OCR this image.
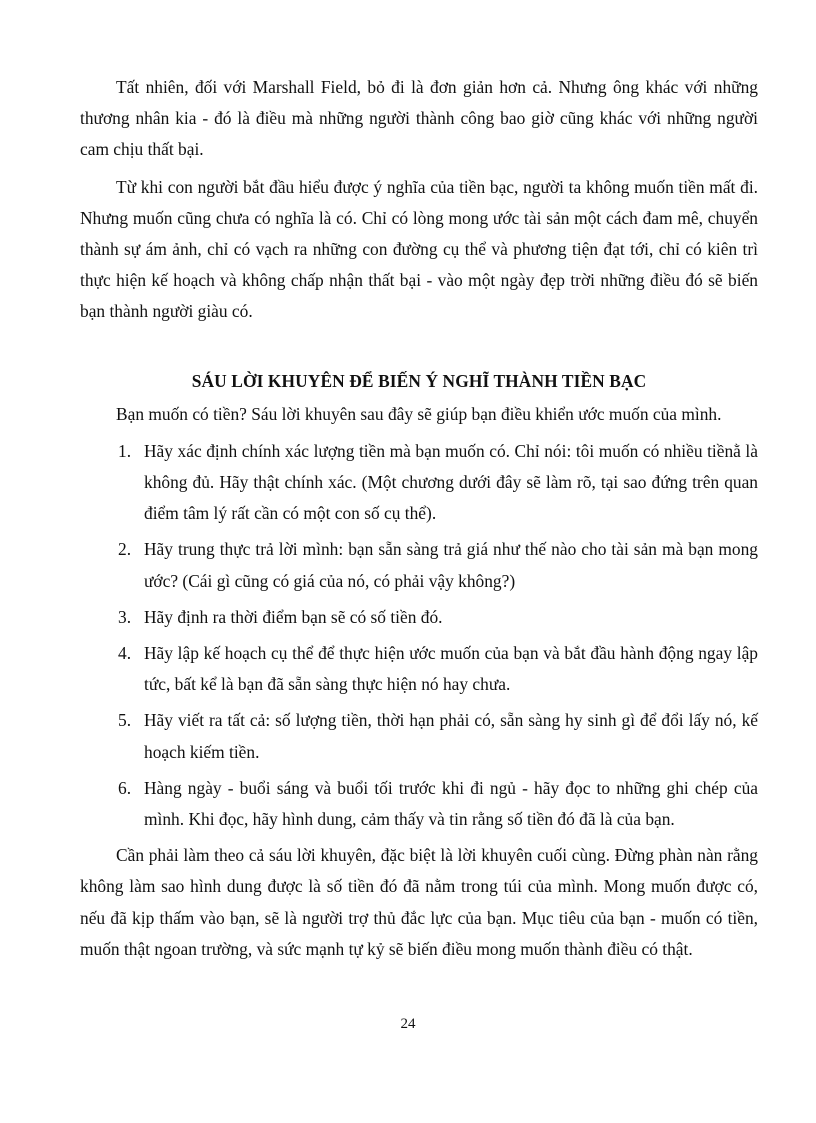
Tất nhiên, đối với Marshall Field, bỏ đi là đơn giản hơn cả. Nhưng ông khác với những thương nhân kia - đó là điều mà những người thành công bao giờ cũng khác với những người cam chịu thất bại.

Từ khi con người bắt đầu hiểu được ý nghĩa của tiền bạc, người ta không muốn tiền mất đi. Nhưng muốn cũng chưa có nghĩa là có. Chỉ có lòng mong ước tài sản một cách đam mê, chuyển thành sự ám ảnh, chỉ có vạch ra những con đường cụ thể và phương tiện đạt tới, chỉ có kiên trì thực hiện kế hoạch và không chấp nhận thất bại - vào một ngày đẹp trời những điều đó sẽ biến bạn thành người giàu có.

SÁU LỜI KHUYÊN ĐỂ BIẾN Ý NGHĨ THÀNH TIỀN BẠC

Bạn muốn có tiền? Sáu lời khuyên sau đây sẽ giúp bạn điều khiển ước muốn của mình.

1. Hãy xác định chính xác lượng tiền mà bạn muốn có. Chỉ nói: tôi muốn có nhiều tiềnằ là không đủ. Hãy thật chính xác. (Một chương dưới đây sẽ làm rõ, tại sao đứng trên quan điểm tâm lý rất cần có một con số cụ thể).
2. Hãy trung thực trả lời mình: bạn sẵn sàng trả giá như thế nào cho tài sản mà bạn mong ước? (Cái gì cũng có giá của nó, có phải vậy không?)
3. Hãy định ra thời điểm bạn sẽ có số tiền đó.
4. Hãy lập kế hoạch cụ thể để thực hiện ước muốn của bạn và bắt đầu hành động ngay lập tức, bất kể là bạn đã sẵn sàng thực hiện nó hay chưa.
5. Hãy viết ra tất cả: số lượng tiền, thời hạn phải có, sẵn sàng hy sinh gì để đổi lấy nó, kế hoạch kiếm tiền.
6. Hàng ngày - buổi sáng và buổi tối trước khi đi ngủ - hãy đọc to những ghi chép của mình. Khi đọc, hãy hình dung, cảm thấy và tin rằng số tiền đó đã là của bạn.

Cần phải làm theo cả sáu lời khuyên, đặc biệt là lời khuyên cuối cùng. Đừng phàn nàn rằng không làm sao hình dung được là số tiền đó đã nằm trong túi của mình. Mong muốn được có, nếu đã kịp thấm vào bạn, sẽ là người trợ thủ đắc lực của bạn. Mục tiêu của bạn - muốn có tiền, muốn thật ngoan trường, và sức mạnh tự kỷ sẽ biến điều mong muốn thành điều có thật.

24
